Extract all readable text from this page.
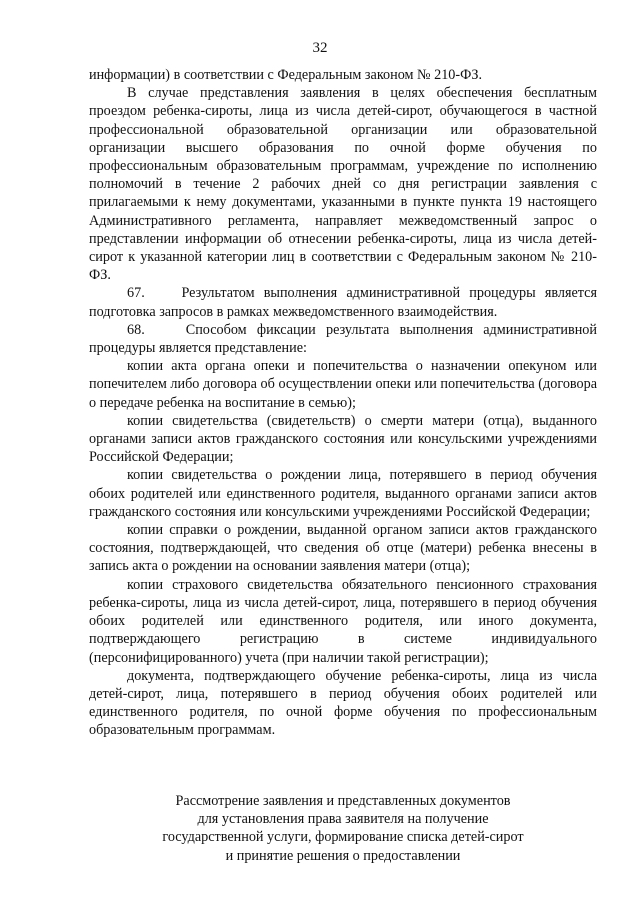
32

информации) в соответствии с Федеральным законом № 210-ФЗ.

В случае представления заявления в целях обеспечения бесплатным проездом ребенка-сироты, лица из числа детей-сирот, обучающегося в частной профессиональной образовательной организации или образовательной организации высшего образования по очной форме обучения по профессиональным образовательным программам, учреждение по исполнению полномочий в течение 2 рабочих дней со дня регистрации заявления с прилагаемыми к нему документами, указанными в пункте пункта 19 настоящего Административного регламента, направляет межведомственный запрос о представлении информации об отнесении ребенка-сироты, лица из числа детей-сирот к указанной категории лиц в соответствии с Федеральным законом № 210-ФЗ.

67.    Результатом выполнения административной процедуры является подготовка запросов в рамках межведомственного взаимодействия.

68.    Способом фиксации результата выполнения административной процедуры является представление:

копии акта органа опеки и попечительства о назначении опекуном или попечителем либо договора об осуществлении опеки или попечительства (договора о передаче ребенка на воспитание в семью);

копии свидетельства (свидетельств) о смерти матери (отца), выданного органами записи актов гражданского состояния или консульскими учреждениями Российской Федерации;

копии свидетельства о рождении лица, потерявшего в период обучения обоих родителей или единственного родителя, выданного органами записи актов гражданского состояния или консульскими учреждениями Российской Федерации;

копии справки о рождении, выданной органом записи актов гражданского состояния, подтверждающей, что сведения об отце (матери) ребенка внесены в запись акта о рождении на основании заявления матери (отца);

копии страхового свидетельства обязательного пенсионного страхования ребенка-сироты, лица из числа детей-сирот, лица, потерявшего в период обучения обоих родителей или единственного родителя, или иного документа, подтверждающего регистрацию в системе индивидуального (персонифицированного) учета (при наличии такой регистрации);

документа, подтверждающего обучение ребенка-сироты, лица из числа детей-сирот, лица, потерявшего в период обучения обоих родителей или единственного родителя, по очной форме обучения по профессиональным образовательным программам.

Рассмотрение заявления и представленных документов
для установления права заявителя на получение
государственной услуги, формирование списка детей-сирот
и принятие решения о предоставлении
